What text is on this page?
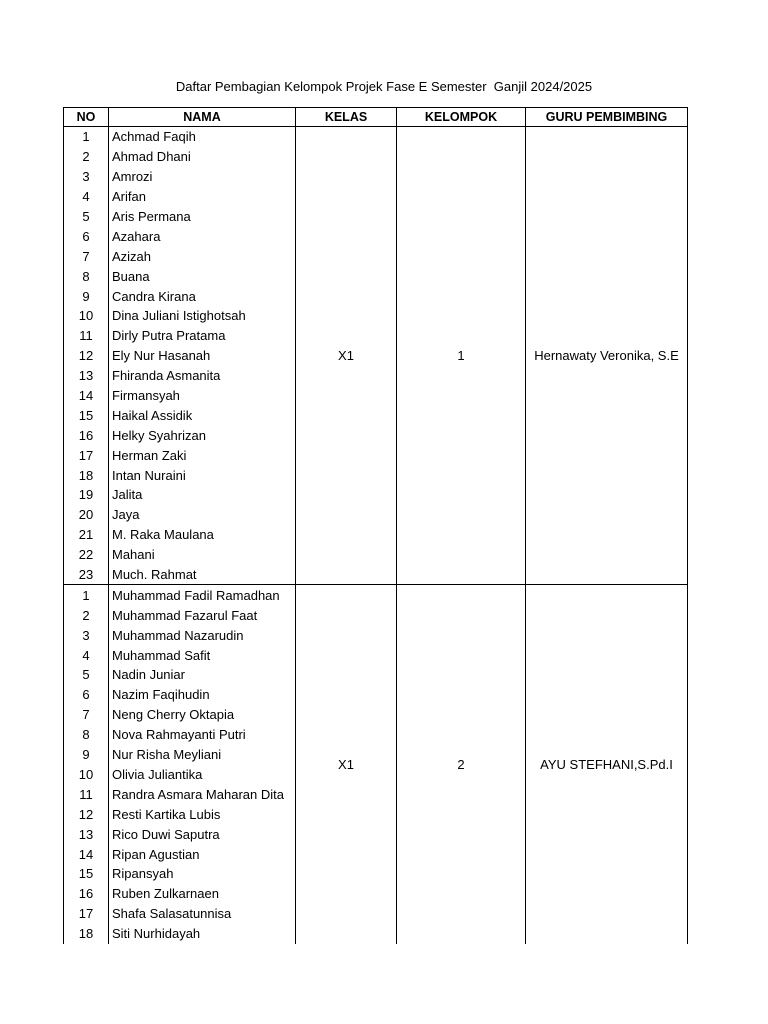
Daftar Pembagian Kelompok Projek Fase E Semester  Ganjil 2024/2025
NO	NAMA	KELAS	KELOMPOK	GURU PEMBIMBING
1	Achmad Faqih	X1	1	Hernawaty Veronika, S.E
2	Ahmad Dhani			
3	Amrozi			
4	Arifan			
5	Aris Permana			
6	Azahara			
7	Azizah			
8	Buana			
9	Candra Kirana			
10	Dina Juliani Istighotsah			
11	Dirly Putra Pratama			
12	Ely Nur Hasanah			
13	Fhiranda Asmanita			
14	Firmansyah			
15	Haikal Assidik			
16	Helky Syahrizan			
17	Herman Zaki			
18	Intan Nuraini			
19	Jalita			
20	Jaya			
21	M. Raka Maulana			
22	Mahani			
23	Much. Rahmat			
1	Muhammad Fadil Ramadhan	X1	2	AYU STEFHANI,S.Pd.I
2	Muhammad Fazarul Faat			
3	Muhammad Nazarudin			
4	Muhammad Safit			
5	Nadin Juniar			
6	Nazim Faqihudin			
7	Neng Cherry Oktapia			
8	Nova Rahmayanti Putri			
9	Nur Risha Meyliani			
10	Olivia Juliantika			
11	Randra Asmara Maharan Dita			
12	Resti Kartika Lubis			
13	Rico Duwi Saputra			
14	Ripan Agustian			
15	Ripansyah			
16	Ruben Zulkarnaen			
17	Shafa Salasatunnisa			
18	Siti Nurhidayah			
